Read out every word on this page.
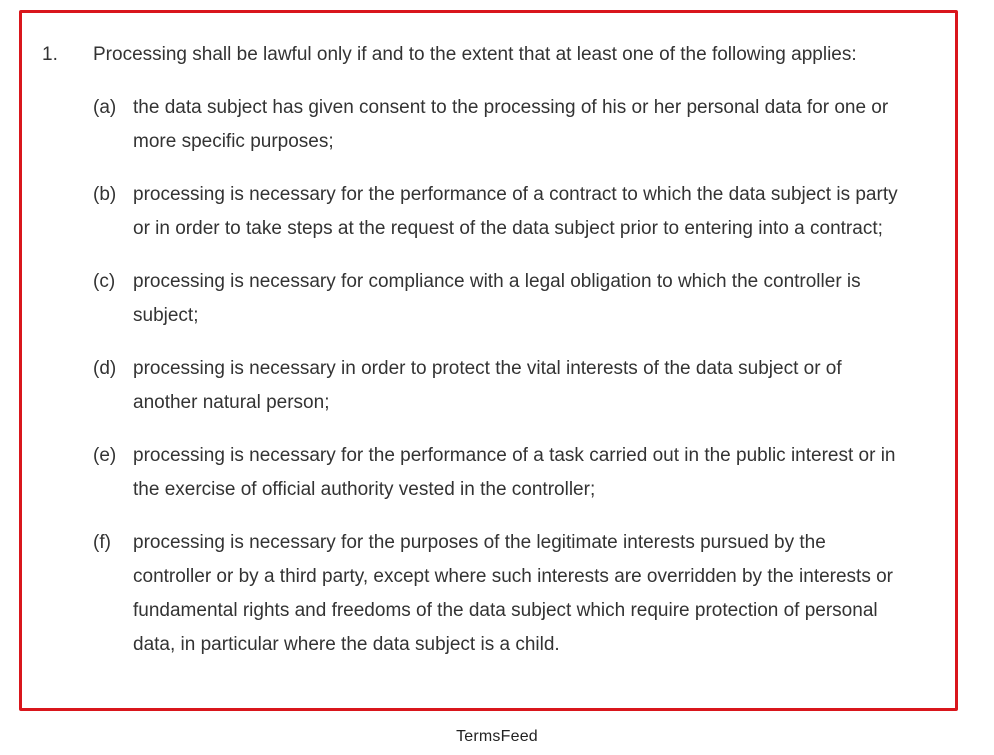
1.	Processing shall be lawful only if and to the extent that at least one of the following applies:
(a) the data subject has given consent to the processing of his or her personal data for one or more specific purposes;
(b) processing is necessary for the performance of a contract to which the data subject is party or in order to take steps at the request of the data subject prior to entering into a contract;
(c) processing is necessary for compliance with a legal obligation to which the controller is subject;
(d) processing is necessary in order to protect the vital interests of the data subject or of another natural person;
(e) processing is necessary for the performance of a task carried out in the public interest or in the exercise of official authority vested in the controller;
(f)	processing is necessary for the purposes of the legitimate interests pursued by the controller or by a third party, except where such interests are overridden by the interests or fundamental rights and freedoms of the data subject which require protection of personal data, in particular where the data subject is a child.
TermsFeed
